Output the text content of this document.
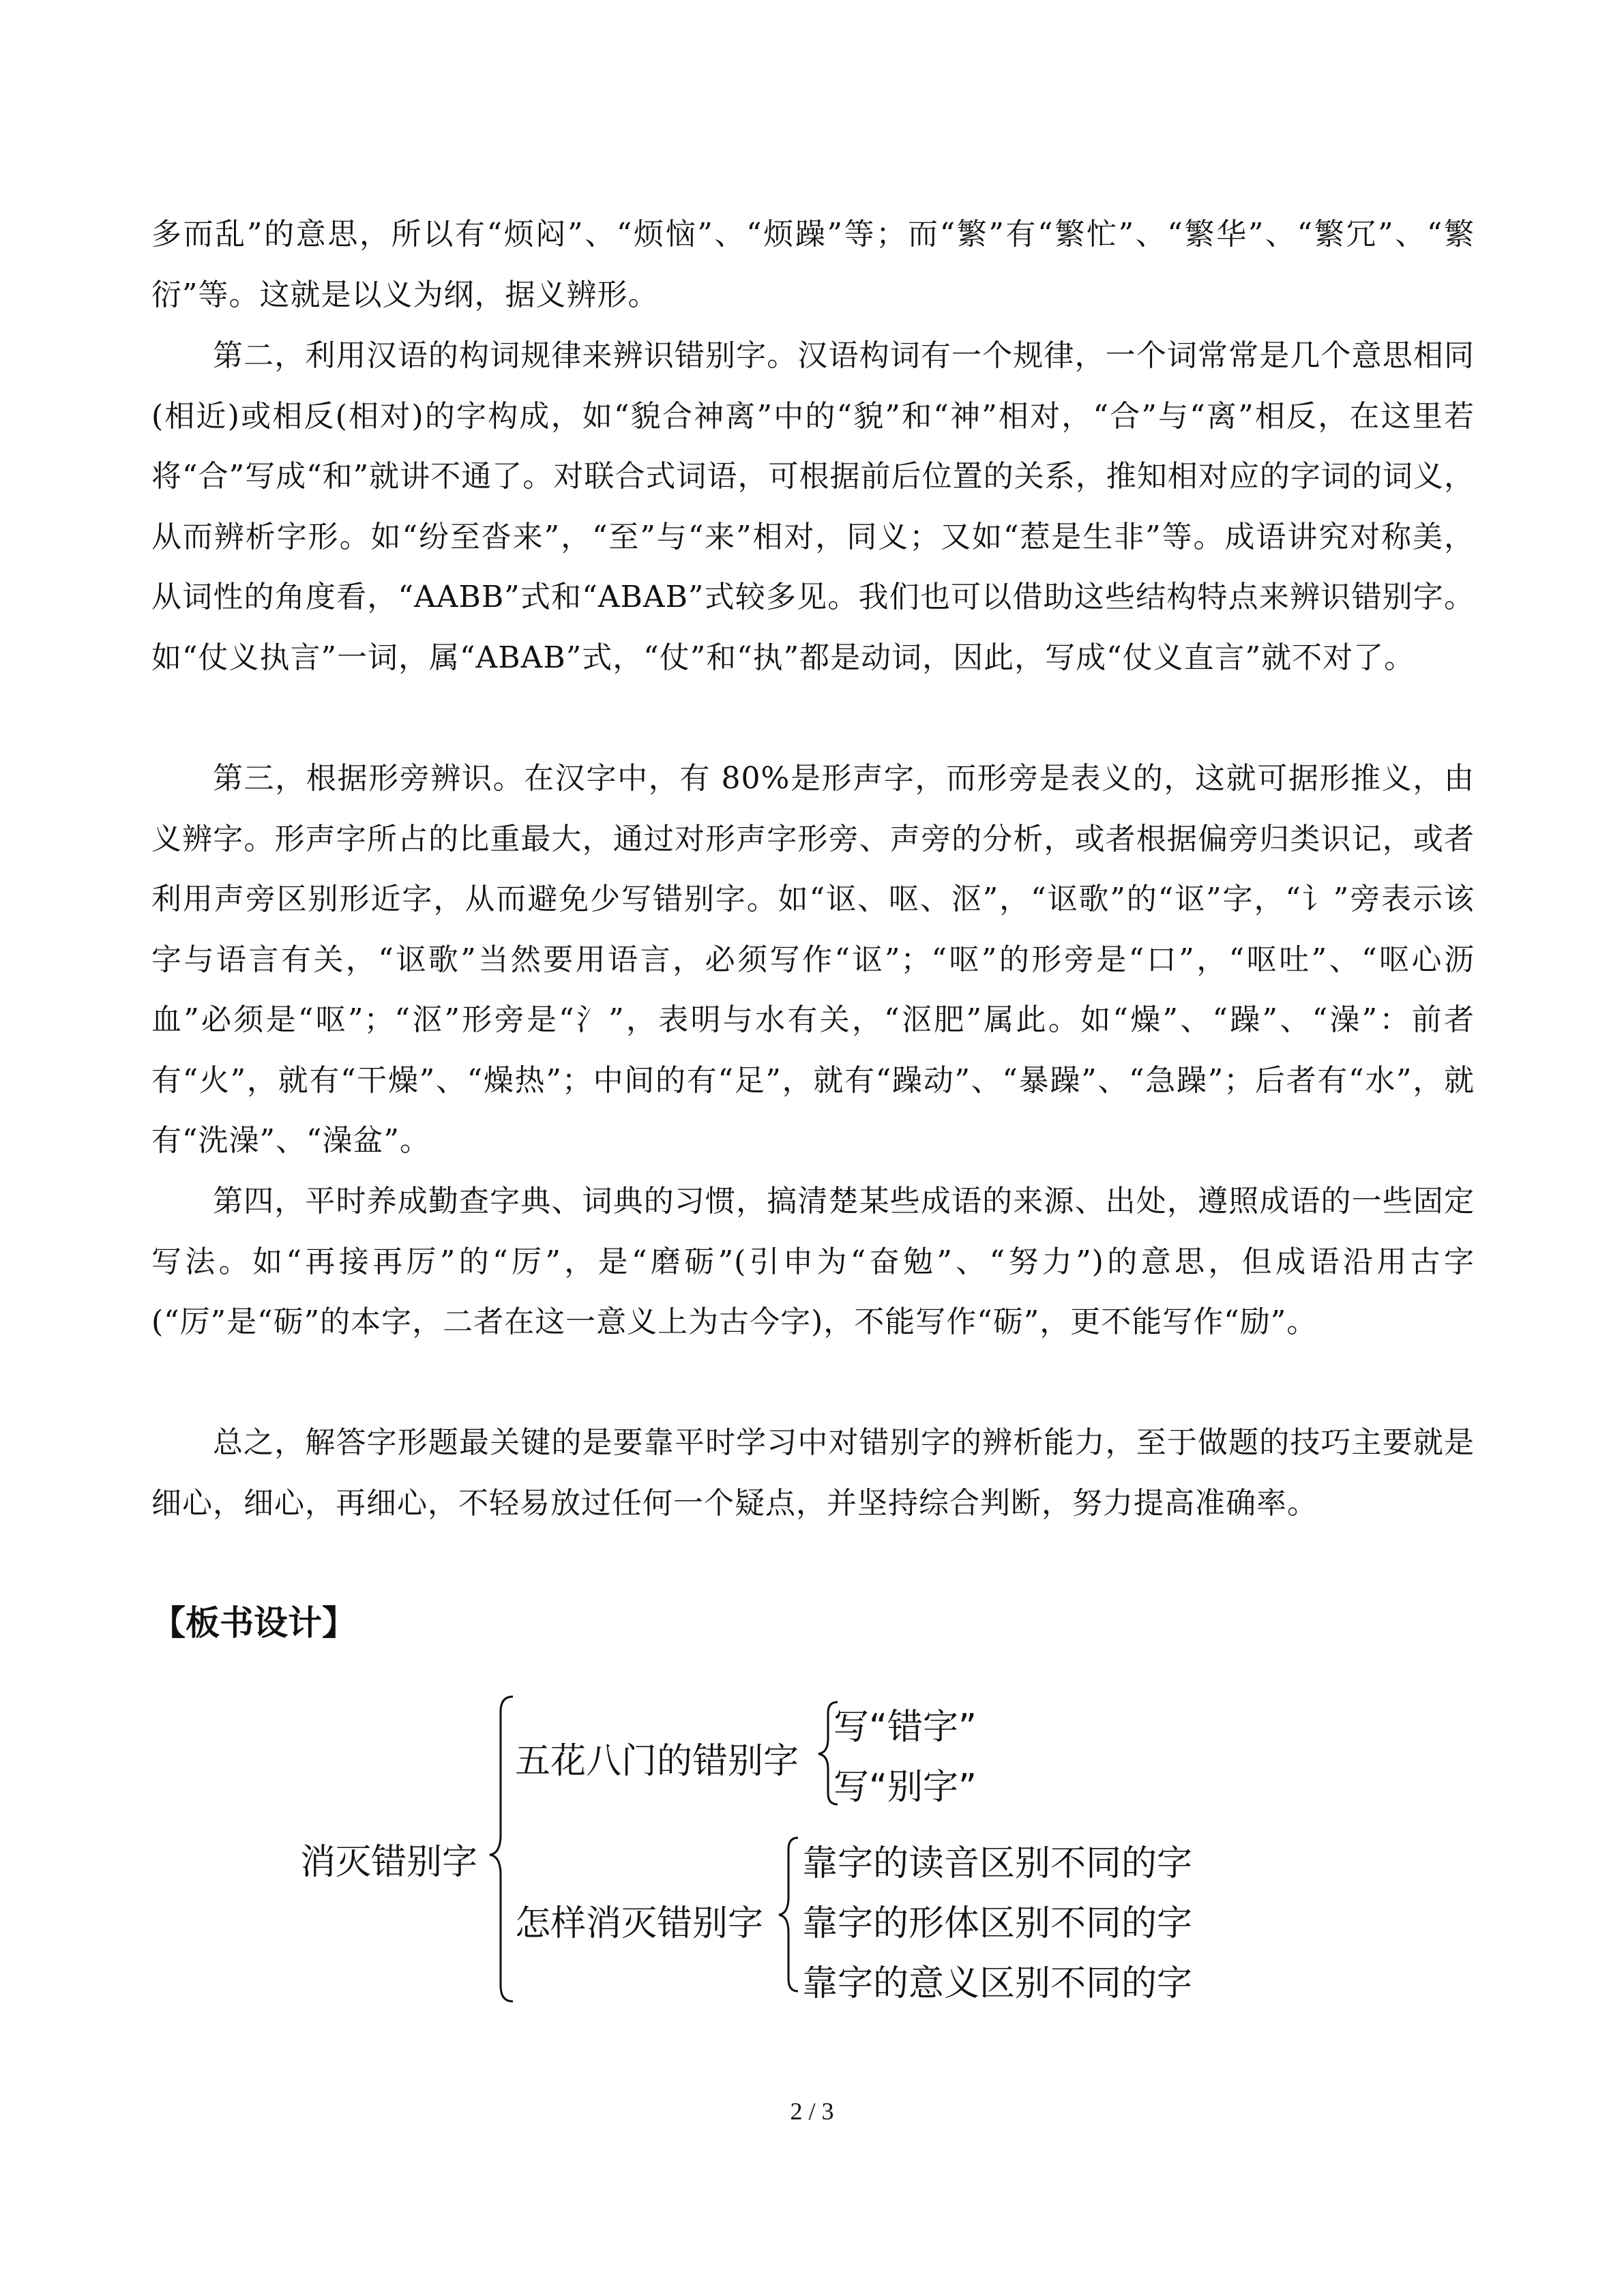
多而乱”的意思，所以有“烦闷”、“烦恼”、“烦躁”等；而“繁”有“繁忙”、“繁华”、“繁冗”、“繁衍”等。这就是以义为纲，据义辨形。

第二，利用汉语的构词规律来辨识错别字。汉语构词有一个规律，一个词常常是几个意思相同(相近)或相反(相对)的字构成，如“貌合神离”中的“貌”和“神”相对，“合”与“离”相反，在这里若将“合”写成“和”就讲不通了。对联合式词语，可根据前后位置的关系，推知相对应的字词的词义，从而辨析字形。如“纷至沓来”，“至”与“来”相对，同义；又如“惹是生非”等。成语讲究对称美，从词性的角度看，“AABB”式和“ABAB”式较多见。我们也可以借助这些结构特点来辨识错别字。如“仗义执言”一词，属“ABAB”式，“仗”和“执”都是动词，因此，写成“仗义直言”就不对了。

第三，根据形旁辨识。在汉字中，有 80%是形声字，而形旁是表义的，这就可据形推义，由义辨字。形声字所占的比重最大，通过对形声字形旁、声旁的分析，或者根据偏旁归类识记，或者利用声旁区别形近字，从而避免少写错别字。如“讴、呕、沤”，“讴歌”的“讴”字，“讠”旁表示该字与语言有关，“讴歌”当然要用语言，必须写作“讴”；“呕”的形旁是“口”，“呕吐”、“呕心沥血”必须是“呕”；“沤”形旁是“氵”，表明与水有关，“沤肥”属此。如“燥”、“躁”、“澡”：前者有“火”，就有“干燥”、“燥热”；中间的有“足”，就有“躁动”、“暴躁”、“急躁”；后者有“水”，就有“洗澡”、“澡盆”。

第四，平时养成勤查字典、词典的习惯，搞清楚某些成语的来源、出处，遵照成语的一些固定写法。如“再接再厉”的“厉”，是“磨砺”(引申为“奋勉”、“努力”)的意思，但成语沿用古字(“厉”是“砺”的本字，二者在这一意义上为古今字)，不能写作“砺”，更不能写作“励”。

总之，解答字形题最关键的是要靠平时学习中对错别字的辨析能力，至于做题的技巧主要就是细心，细心，再细心，不轻易放过任何一个疑点，并坚持综合判断，努力提高准确率。

【板书设计】
消灭错别字
五花八门的错别字
写“错字”
写“别字”
怎样消灭错别字
靠字的读音区别不同的字
靠字的形体区别不同的字
靠字的意义区别不同的字
2 / 3
